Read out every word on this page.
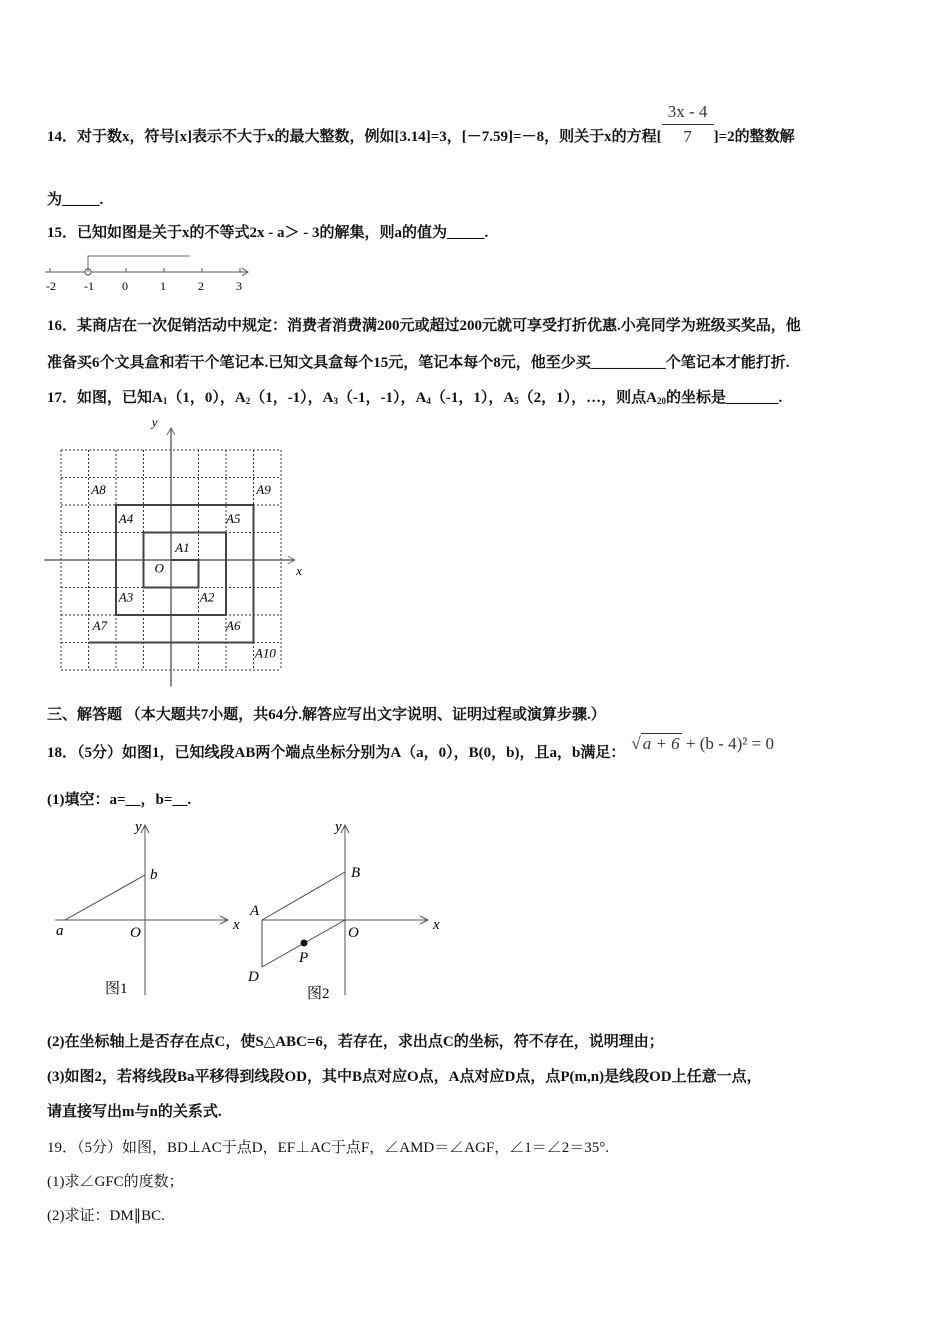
14．对于数x，符号[x]表示不大于x的最大整数，例如[3.14]=3，[－7.59]=－8，则关于x的方程[ $\frac{3x - 4}{7} ]=2$的整数解
为_____.
15．已知如图是关于x的不等式2x - a＞ - 3的解集，则a的值为_____.
-2 -1 0	1	2	3
16．某商店在一次促销活动中规定：消费者消费满200元或超过200元就可享受打折优惠.小亮同学为班级买奖品，他
准备买6个文具盒和若干个笔记本.已知文具盒每个15元，笔记本每个8元，他至少买__________个笔记本才能打折.
17．如图，已知$A_1(1$，0），$A_2(1$，-1），$A_3(-1$，-1），$A_4(-1$，1），$A_5(2$，1），…，则点$A_{20}$的坐标是_______.
x
y
O
A1
A2
A3
A4	A5
A6
A7
A8	A9
A10
三、解答题 （本大题共7小题，共64分.解答应写出文字说明、证明过程或演算步骤.）
18．（5分）如图1，已知线段AB两个端点坐标分别为A（a，0），B(0，b)，且a，b满足： √ a + 6 + (b - 4)² = 0
(1)填空：a=__，b=__.
a
b
O	x
y
图1
A
B
O
D
P
x
y
图2
(2)在坐标轴上是否存在点C，使S△ABC=6，若存在，求出点C的坐标，符不存在，说明理由；
(3)如图2，若将线段Ba平移得到线段OD，其中B点对应O点，A点对应D点，点P(m,n)是线段OD上任意一点，
请直接写出m与n的关系式.
19．（5分）如图，BD⊥AC于点D，EF⊥AC于点F，∠AMD＝∠AGF，∠1＝∠2＝35°.
(1)求∠GFC的度数；
(2)求证：DM∥BC.
